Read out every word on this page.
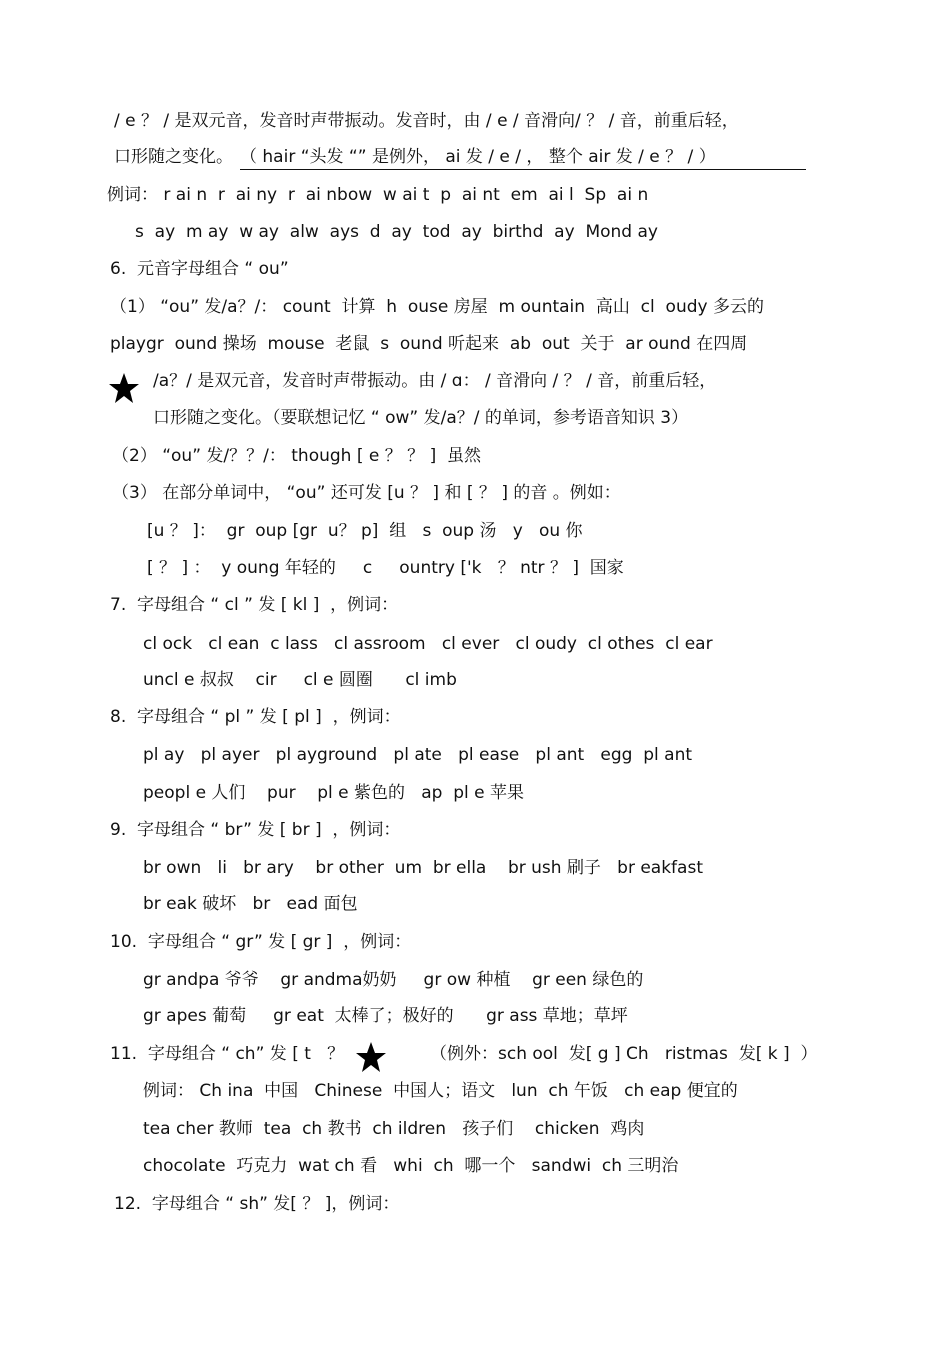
/ e ？ / 是双元音，发音时声带振动。发音时，由 / e / 音滑向/ ？ / 音，前重后轻，
口形随之变化。 （ hair “头发 “” 是例外， ai 发 / e / ， 整个 air 发 / e ？ / ）
例词： r ai n  r  ai ny  r  ai nbow  w ai t  p  ai nt  em  ai l  Sp  ai n
s  ay  m ay  w ay  alw  ays  d  ay  tod  ay  birthd  ay  Mond ay
6.  元音字母组合 “ ou”
（1） “ou” 发/a？/： count  计算  h  ouse 房屋  m ountain  高山  cl  oudy 多云的
playgr  ound 操场  mouse  老鼠  s  ound 听起来  ab  out  关于  ar ound 在四周
/a？/ 是双元音，发音时声带振动。由 / ɑ： / 音滑向 / ？ / 音，前重后轻，
口形随之变化。（要联想记忆 “ ow” 发/a？/ 的单词，参考语音知识 3）
（2） “ou” 发/？？/： though [ e ？ ？ ]  虽然
（3） 在部分单词中， “ou” 还可发 [u ？ ] 和 [ ？ ] 的音 。例如：
[u ？ ]：  gr  oup [gr  u？ p]  组   s  oup 汤   y   ou 你
[ ？ ] ：  y oung 年轻的     c     ountry ['k   ？ ntr ？ ]  国家
7.  字母组合 “ cl ” 发 [ kl ]  ，例词：
cl ock   cl ean  c lass   cl assroom   cl ever   cl oudy  cl othes  cl ear
uncl e 叔叔    cir     cl e 圆圈      cl imb
8.  字母组合 “ pl ” 发 [ pl ]  ，例词：
pl ay   pl ayer   pl ayground   pl ate   pl ease   pl ant   egg  pl ant
peopl e 人们    pur    pl e 紫色的   ap  pl e 苹果
9.  字母组合 “ br” 发 [ br ]  ，例词：
br own   li   br ary    br other  um  br ella    br ush 刷子   br eakfast
br eak 破坏   br   ead 面包
10.  字母组合 “ gr” 发 [ gr ]  ，例词：
gr andpa 爷爷    gr andma奶奶     gr ow 种植    gr een 绿色的
gr apes 葡萄     gr eat  太棒了；极好的      gr ass 草地；草坪
11.  字母组合 “ ch” 发 [ t   ？	（例外：sch ool  发[ g ] Ch   ristmas  发[ k ]  ）
例词： Ch ina  中国   Chinese  中国人；语文   lun  ch 午饭   ch eap 便宜的
tea cher 教师  tea  ch 教书  ch ildren   孩子们    chicken  鸡肉
chocolate  巧克力  wat ch 看   whi  ch  哪一个   sandwi  ch 三明治
12.  字母组合 “ sh” 发[ ？ ]，例词：
